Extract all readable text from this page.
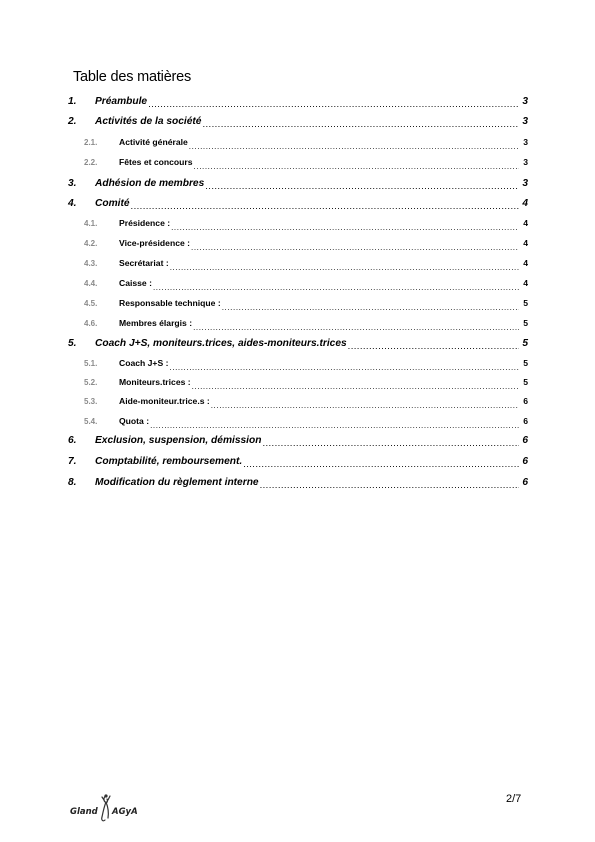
Table des matières
1.	Préambule .....	3
2.	Activités de la société .....	3
2.1.	Activité générale .....	3
2.2.	Fêtes et concours .....	3
3.	Adhésion de membres .....	3
4.	Comité .....	4
4.1.	Présidence : .....	4
4.2.	Vice-présidence : .....	4
4.3.	Secrétariat : .....	4
4.4.	Caisse : .....	4
4.5.	Responsable technique : .....	5
4.6.	Membres élargis : .....	5
5.	Coach J+S, moniteurs.trices, aides-moniteurs.trices .....	5
5.1.	Coach J+S : .....	5
5.2.	Moniteurs.trices : .....	5
5.3.	Aide-moniteur.trice.s : .....	6
5.4.	Quota : .....	6
6.	Exclusion, suspension, démission .....	6
7.	Comptabilité, remboursement. .....	6
8.	Modification du règlement interne .....	6
Gland AGyA
2/7
